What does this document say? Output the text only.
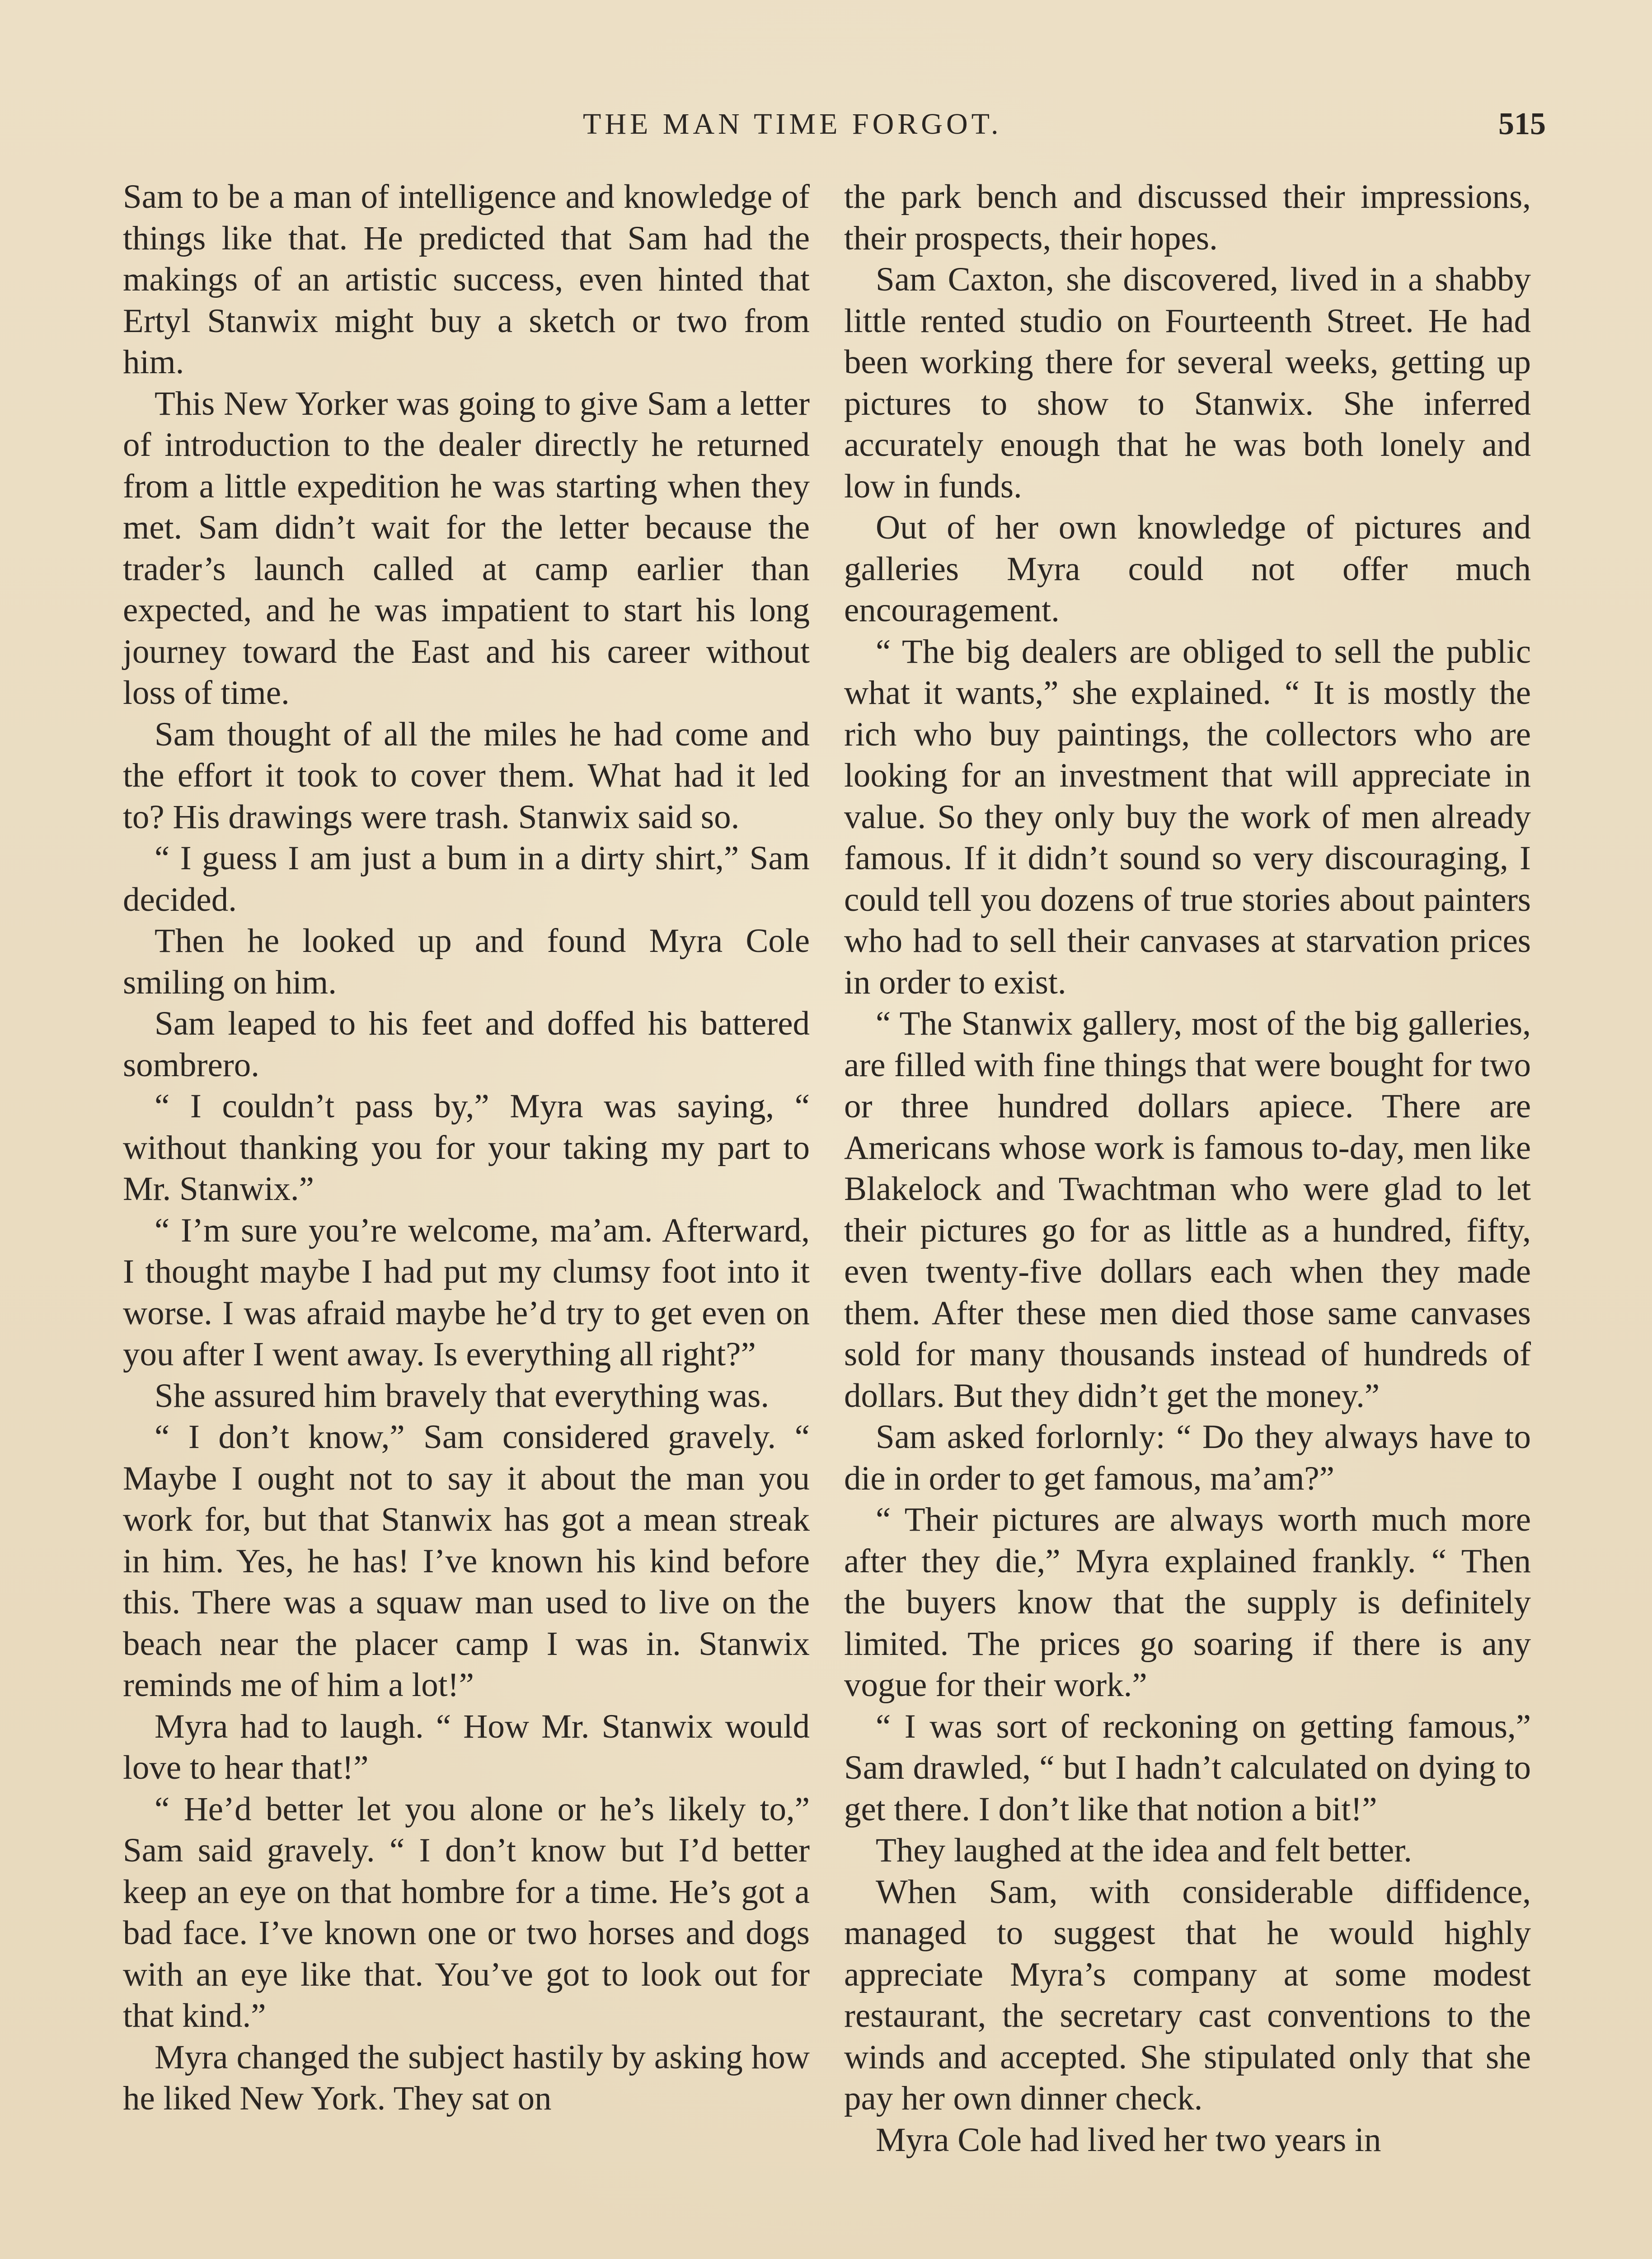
THE MAN TIME FORGOT.	515

Sam to be a man of intelligence and knowledge of things like that. He predicted that Sam had the makings of an artistic success, even hinted that Ertyl Stanwix might buy a sketch or two from him.

This New Yorker was going to give Sam a letter of introduction to the dealer directly he returned from a little expedition he was starting when they met. Sam didn’t wait for the letter because the trader’s launch called at camp earlier than expected, and he was impatient to start his long journey toward the East and his career without loss of time.

Sam thought of all the miles he had come and the effort it took to cover them. What had it led to? His drawings were trash. Stanwix said so.

“ I guess I am just a bum in a dirty shirt,” Sam decided.

Then he looked up and found Myra Cole smiling on him.

Sam leaped to his feet and doffed his battered sombrero.

“ I couldn’t pass by,” Myra was saying, “ without thanking you for your taking my part to Mr. Stanwix.”

“ I’m sure you’re welcome, ma’am. Afterward, I thought maybe I had put my clumsy foot into it worse. I was afraid maybe he’d try to get even on you after I went away. Is everything all right?”

She assured him bravely that everything was.

“ I don’t know,” Sam considered gravely. “ Maybe I ought not to say it about the man you work for, but that Stanwix has got a mean streak in him. Yes, he has! I’ve known his kind before this. There was a squaw man used to live on the beach near the placer camp I was in. Stanwix reminds me of him a lot!”

Myra had to laugh. “ How Mr. Stanwix would love to hear that!”

“ He’d better let you alone or he’s likely to,” Sam said gravely. “ I don’t know but I’d better keep an eye on that hombre for a time. He’s got a bad face. I’ve known one or two horses and dogs with an eye like that. You’ve got to look out for that kind.”

Myra changed the subject hastily by asking how he liked New York. They sat on

the park bench and discussed their impressions, their prospects, their hopes.

Sam Caxton, she discovered, lived in a shabby little rented studio on Fourteenth Street. He had been working there for several weeks, getting up pictures to show to Stanwix. She inferred accurately enough that he was both lonely and low in funds.

Out of her own knowledge of pictures and galleries Myra could not offer much encouragement.

“ The big dealers are obliged to sell the public what it wants,” she explained. “ It is mostly the rich who buy paintings, the collectors who are looking for an investment that will appreciate in value. So they only buy the work of men already famous. If it didn’t sound so very discouraging, I could tell you dozens of true stories about painters who had to sell their canvases at starvation prices in order to exist.

“ The Stanwix gallery, most of the big galleries, are filled with fine things that were bought for two or three hundred dollars apiece. There are Americans whose work is famous to-day, men like Blakelock and Twachtman who were glad to let their pictures go for as little as a hundred, fifty, even twenty-five dollars each when they made them. After these men died those same canvases sold for many thousands instead of hundreds of dollars. But they didn’t get the money.”

Sam asked forlornly: “ Do they always have to die in order to get famous, ma’am?”

“ Their pictures are always worth much more after they die,” Myra explained frankly. “ Then the buyers know that the supply is definitely limited. The prices go soaring if there is any vogue for their work.”

“ I was sort of reckoning on getting famous,” Sam drawled, “ but I hadn’t calculated on dying to get there. I don’t like that notion a bit!”

They laughed at the idea and felt better.

When Sam, with considerable diffidence, managed to suggest that he would highly appreciate Myra’s company at some modest restaurant, the secretary cast conventions to the winds and accepted. She stipulated only that she pay her own dinner check.

Myra Cole had lived her two years in
